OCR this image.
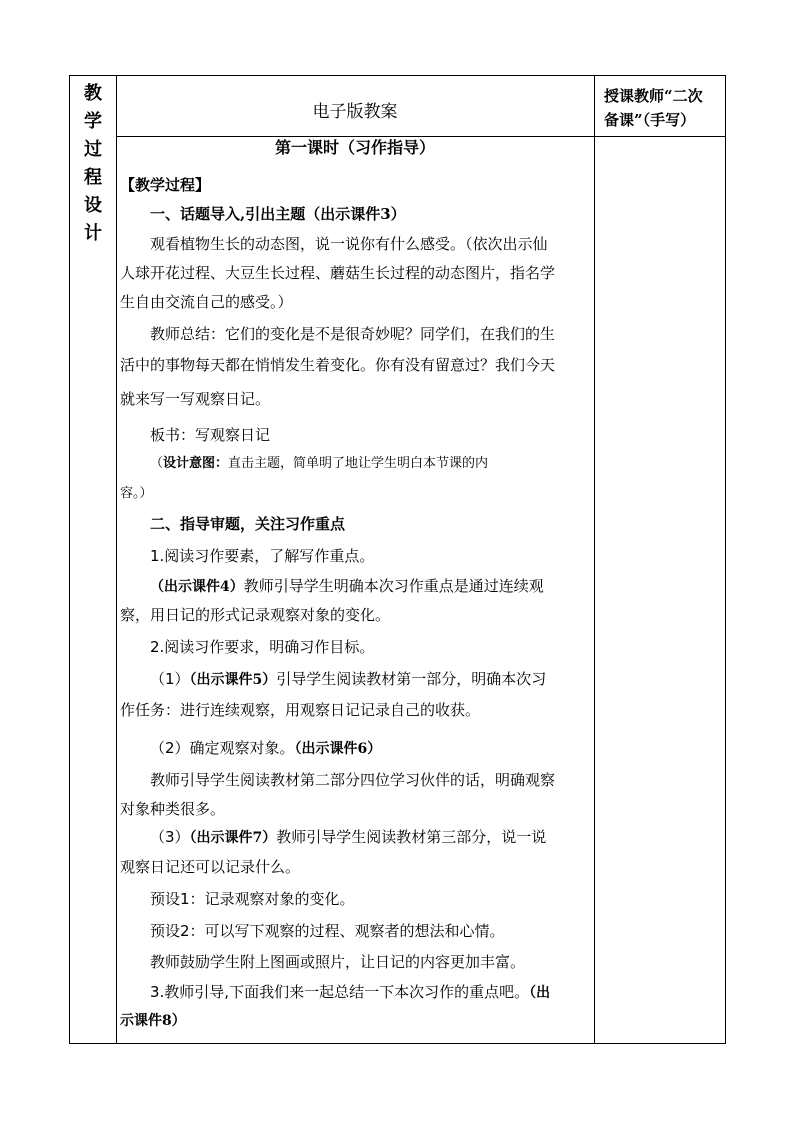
教
学
过
程
设
计
电子版教案
授课教师“二次
备课”（手写）
第一课时（习作指导）
【教学过程】
一、话题导入,引出主题（出示课件3）
观看植物生长的动态图，说一说你有什么感受。（依次出示仙
人球开花过程、大豆生长过程、蘑菇生长过程的动态图片，指名学
生自由交流自己的感受。）
教师总结：它们的变化是不是很奇妙呢？同学们，在我们的生
活中的事物每天都在悄悄发生着变化。你有没有留意过？我们今天
就来写一写观察日记。
板书：写观察日记
（设计意图：直击主题，简单明了地让学生明白本节课的内
容。）
二、指导审题，关注习作重点
1.阅读习作要素，了解写作重点。
（出示课件4）教师引导学生明确本次习作重点是通过连续观
察，用日记的形式记录观察对象的变化。
2.阅读习作要求，明确习作目标。
（1）（出示课件5）引导学生阅读教材第一部分，明确本次习
作任务：进行连续观察，用观察日记记录自己的收获。
（2）确定观察对象。（出示课件6）
教师引导学生阅读教材第二部分四位学习伙伴的话，明确观察
对象种类很多。
（3）（出示课件7）教师引导学生阅读教材第三部分，说一说
观察日记还可以记录什么。
预设1：记录观察对象的变化。
预设2：可以写下观察的过程、观察者的想法和心情。
教师鼓励学生附上图画或照片，让日记的内容更加丰富。
3.教师引导,下面我们来一起总结一下本次习作的重点吧。（出
示课件8）
